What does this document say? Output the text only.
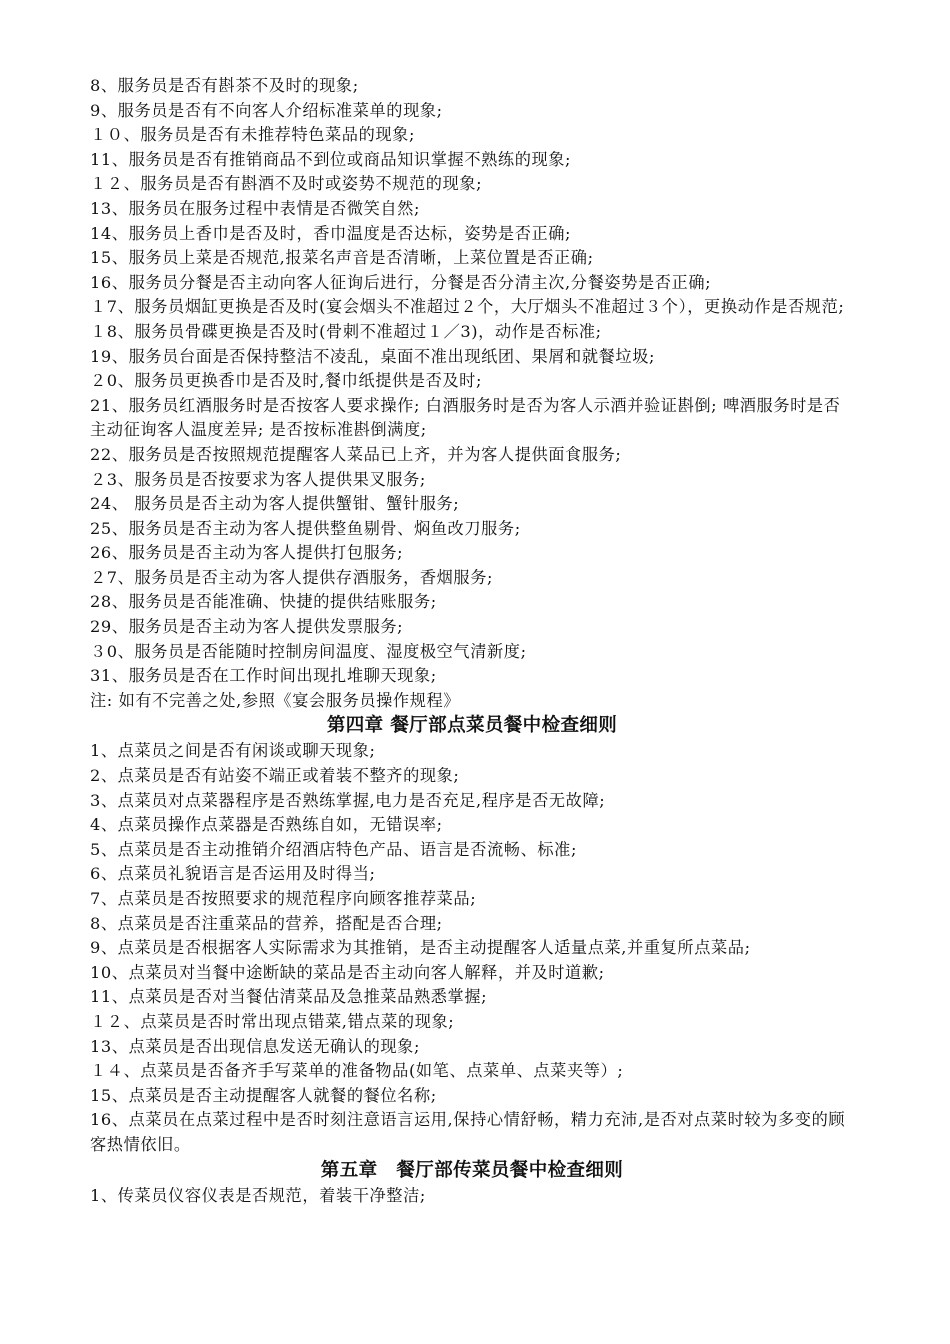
8、服务员是否有斟茶不及时的现象;
9、服务员是否有不向客人介绍标准菜单的现象;
１０、服务员是否有未推荐特色菜品的现象;
11、服务员是否有推销商品不到位或商品知识掌握不熟练的现象;
１２、服务员是否有斟酒不及时或姿势不规范的现象;
13、服务员在服务过程中表情是否微笑自然;
14、服务员上香巾是否及时，香巾温度是否达标，姿势是否正确;
15、服务员上菜是否规范,报菜名声音是否清晰，上菜位置是否正确;
16、服务员分餐是否主动向客人征询后进行，分餐是否分清主次,分餐姿势是否正确;
１7、服务员烟缸更换是否及时(宴会烟头不准超过２个，大厅烟头不准超过３个），更换动作是否规范;
１8、服务员骨碟更换是否及时(骨刺不准超过１／3)，动作是否标准;
19、服务员台面是否保持整洁不凌乱，桌面不准出现纸团、果屑和就餐垃圾;
２0、服务员更换香巾是否及时,餐巾纸提供是否及时;
21、服务员红酒服务时是否按客人要求操作; 白酒服务时是否为客人示酒并验证斟倒; 啤酒服务时是否主动征询客人温度差异; 是否按标准斟倒满度;
22、服务员是否按照规范提醒客人菜品已上齐，并为客人提供面食服务;
２3、服务员是否按要求为客人提供果叉服务;
24、 服务员是否主动为客人提供蟹钳、蟹针服务;
25、服务员是否主动为客人提供整鱼剔骨、焖鱼改刀服务;
26、服务员是否主动为客人提供打包服务;
２7、服务员是否主动为客人提供存酒服务，香烟服务;
28、服务员是否能准确、快捷的提供结账服务;
29、服务员是否主动为客人提供发票服务;
３0、服务员是否能随时控制房间温度、湿度极空气清新度;
31、服务员是否在工作时间出现扎堆聊天现象;
注: 如有不完善之处,参照《宴会服务员操作规程》
第四章 餐厅部点菜员餐中检查细则
1、点菜员之间是否有闲谈或聊天现象;
2、点菜员是否有站姿不端正或着装不整齐的现象;
3、点菜员对点菜器程序是否熟练掌握,电力是否充足,程序是否无故障;
4、点菜员操作点菜器是否熟练自如，无错误率;
5、点菜员是否主动推销介绍酒店特色产品、语言是否流畅、标准;
6、点菜员礼貌语言是否运用及时得当;
7、点菜员是否按照要求的规范程序向顾客推荐菜品;
8、点菜员是否注重菜品的营养，搭配是否合理;
9、点菜员是否根据客人实际需求为其推销，是否主动提醒客人适量点菜,并重复所点菜品;
10、点菜员对当餐中途断缺的菜品是否主动向客人解释，并及时道歉;
11、点菜员是否对当餐估清菜品及急推菜品熟悉掌握;
１２、点菜员是否时常出现点错菜,错点菜的现象;
13、点菜员是否出现信息发送无确认的现象;
１４、点菜员是否备齐手写菜单的准备物品(如笔、点菜单、点菜夹等）;
15、点菜员是否主动提醒客人就餐的餐位名称;
16、点菜员在点菜过程中是否时刻注意语言运用,保持心情舒畅，精力充沛,是否对点菜时较为多变的顾客热情依旧。
第五章　餐厅部传菜员餐中检查细则
1、传菜员仪容仪表是否规范，着装干净整洁;
